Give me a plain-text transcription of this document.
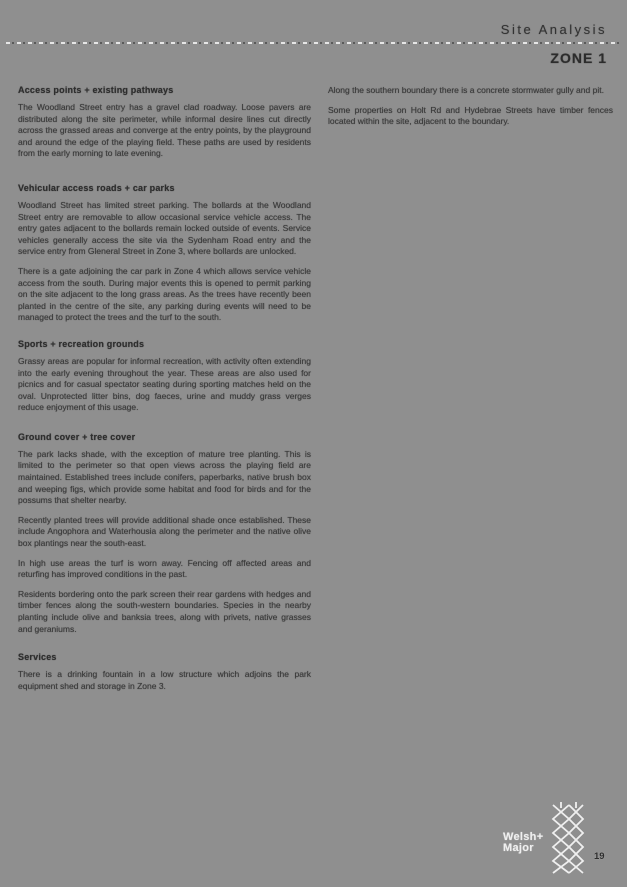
Site Analysis
ZONE 1
Access points + existing pathways

The Woodland Street entry has a gravel clad roadway. Loose pavers are distributed along the site perimeter, while informal desire lines cut directly across the grassed areas and converge at the entry points, by the playground and around the edge of the playing field. These paths are used by residents from the early morning to late evening.

Vehicular access roads + car parks

Woodland Street has limited street parking. The bollards at the Woodland Street entry are removable to allow occasional service vehicle access. The entry gates adjacent to the bollards remain locked outside of events. Service vehicles generally access the site via the Sydenham Road entry and the service entry from Gleneral Street in Zone 3, where bollards are unlocked.

There is a gate adjoining the car park in Zone 4 which allows service vehicle access from the south. During major events this is opened to permit parking on the site adjacent to the long grass areas. As the trees have recently been planted in the centre of the site, any parking during events will need to be managed to protect the trees and the turf to the south.

Sports + recreation grounds

Grassy areas are popular for informal recreation, with activity often extending into the early evening throughout the year. These areas are also used for picnics and for casual spectator seating during sporting matches held on the oval. Unprotected litter bins, dog faeces, urine and muddy grass verges reduce enjoyment of this usage.

Ground cover + tree cover

The park lacks shade, with the exception of mature tree planting. This is limited to the perimeter so that open views across the playing field are maintained. Established trees include conifers, paperbarks, native brush box and weeping figs, which provide some habitat and food for birds and for the possums that shelter nearby.

Recently planted trees will provide additional shade once established. These include Angophora and Waterhousia along the perimeter and the native olive box plantings near the south-east.

In high use areas the turf is worn away. Fencing off affected areas and returfing has improved conditions in the past.

Residents bordering onto the park screen their rear gardens with hedges and timber fences along the south-western boundaries. Species in the nearby planting include olive and banksia trees, along with privets, native grasses and geraniums.

Services

There is a drinking fountain in a low structure which adjoins the park equipment shed and storage in Zone 3.

Along the southern boundary there is a concrete stormwater gully and pit.

Some properties on Holt Rd and Hydebrae Streets have timber fences located within the site, adjacent to the boundary.

Welsh+
Major
19
